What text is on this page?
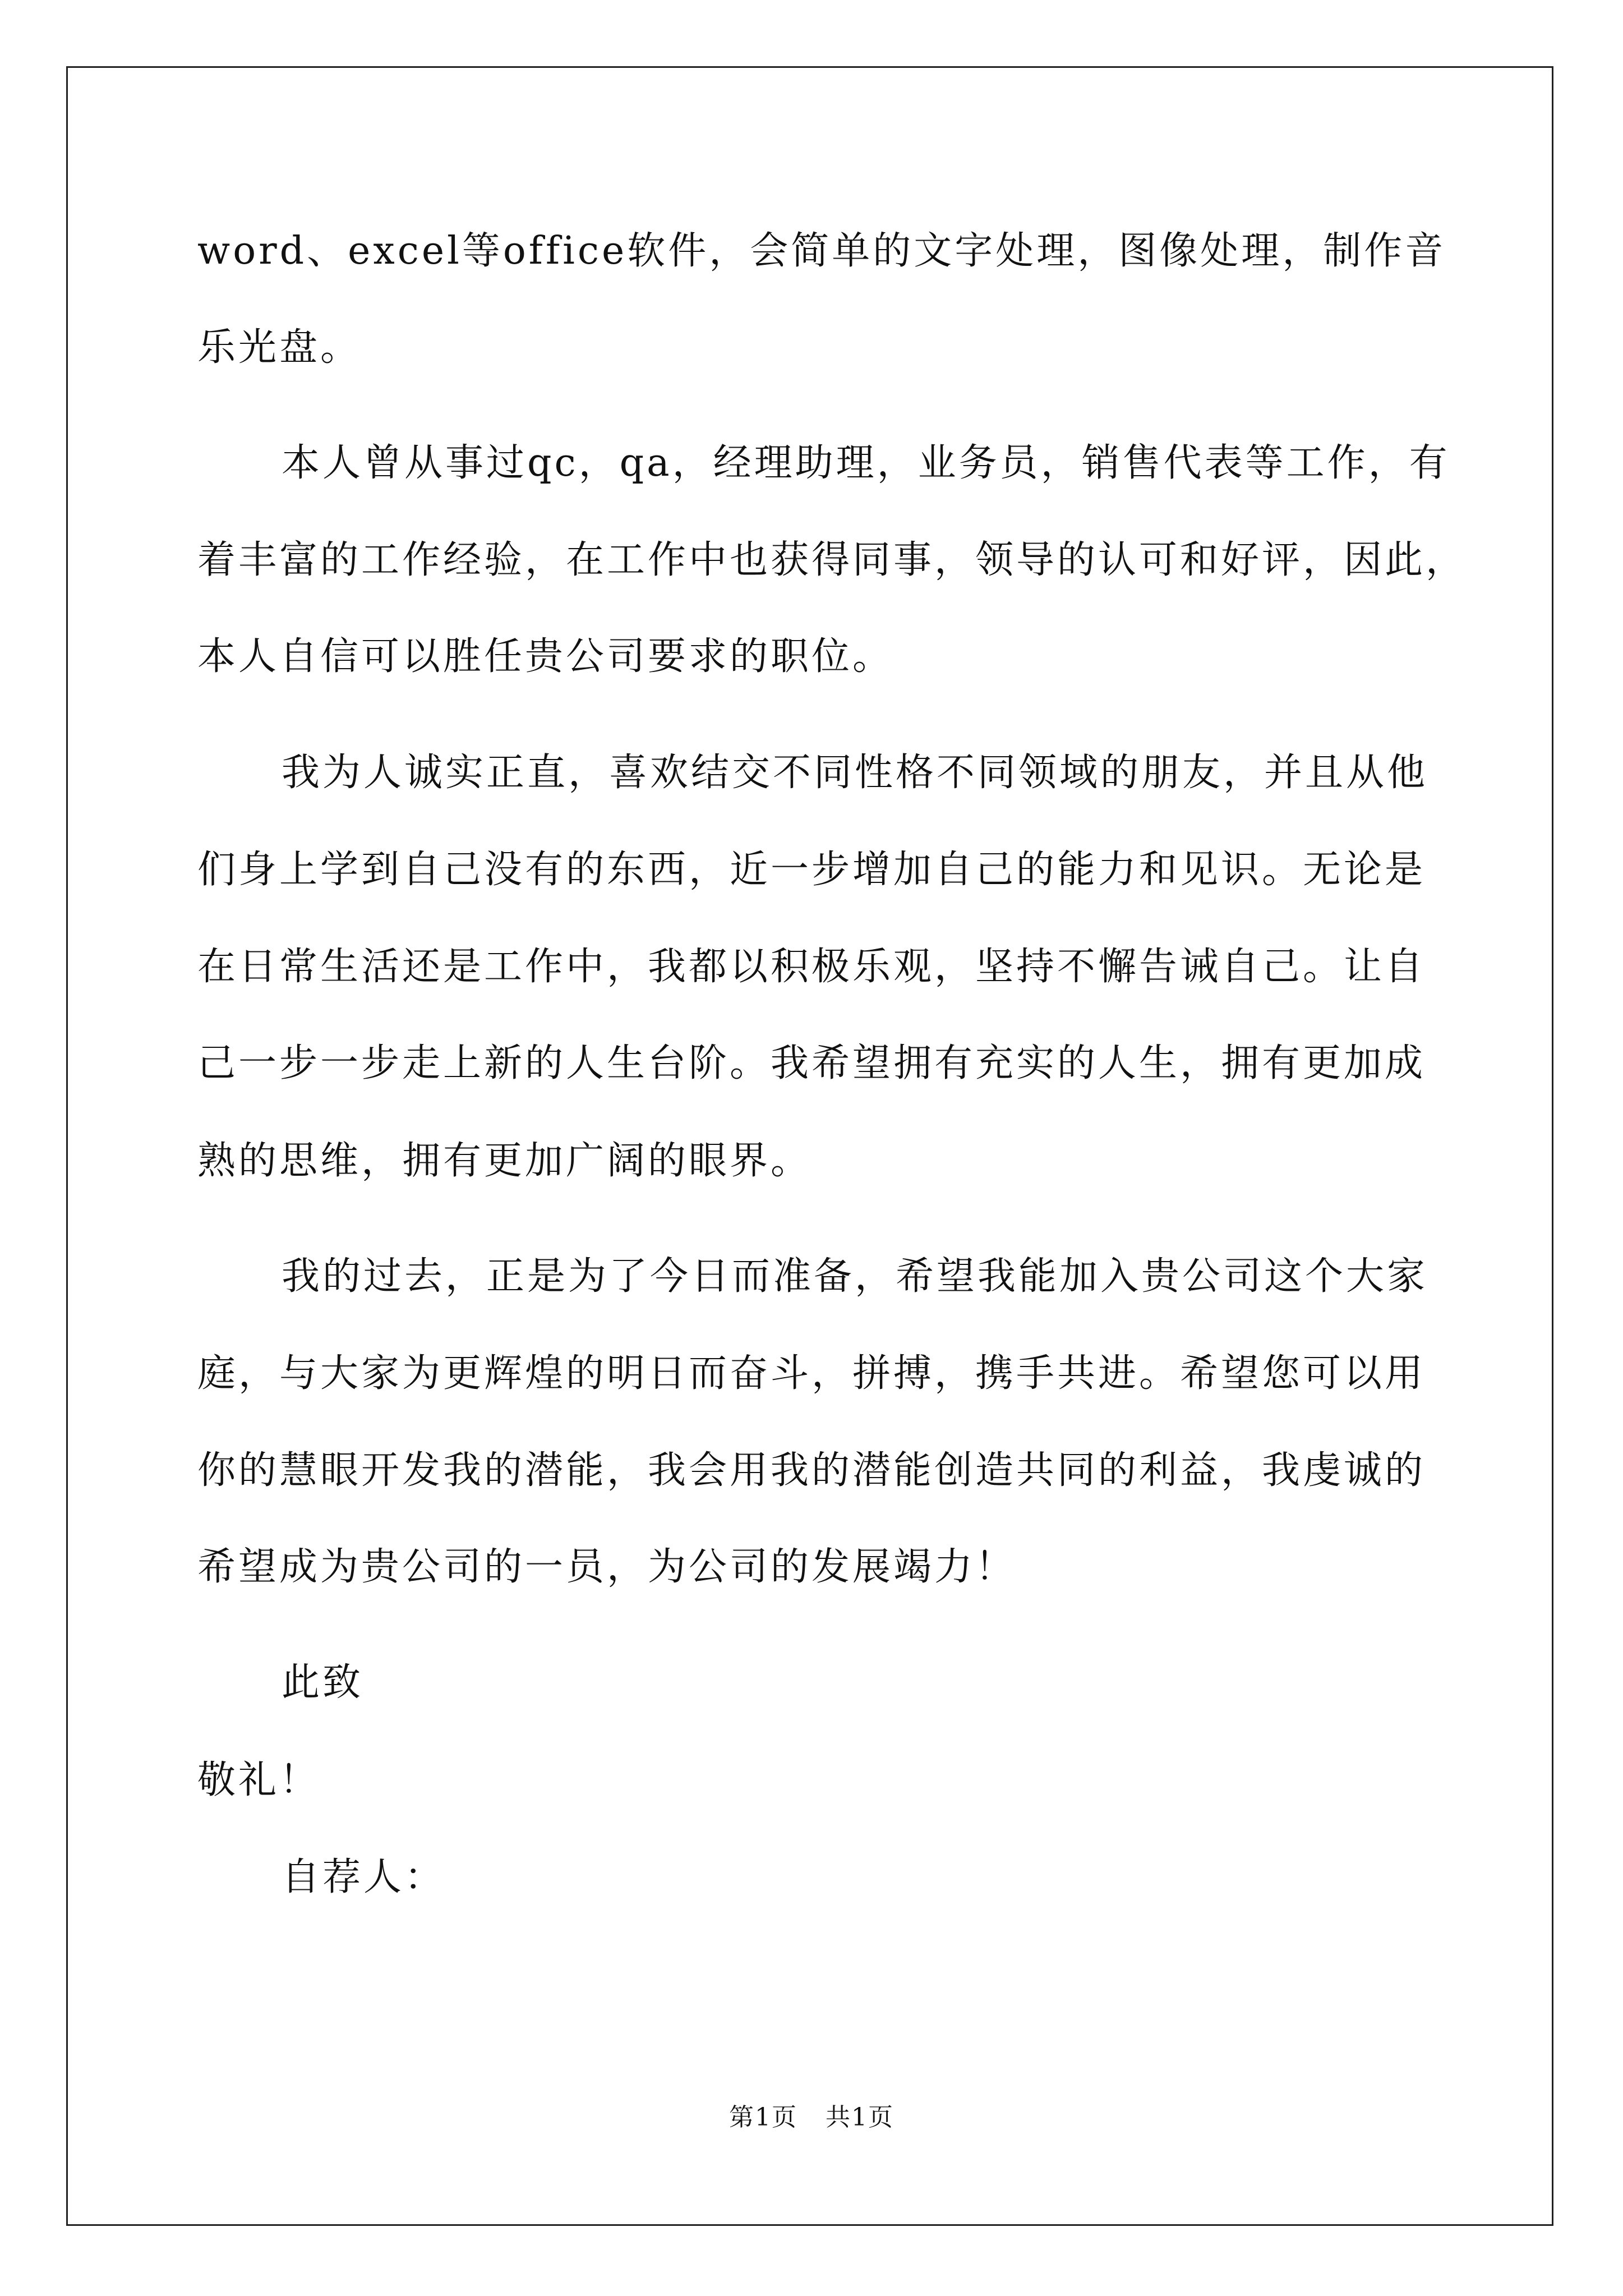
word、excel等office软件，会简单的文字处理，图像处理，制作音
乐光盘。
本人曾从事过qc，qa，经理助理，业务员，销售代表等工作，有
着丰富的工作经验，在工作中也获得同事，领导的认可和好评，因此，
本人自信可以胜任贵公司要求的职位。
我为人诚实正直，喜欢结交不同性格不同领域的朋友，并且从他
们身上学到自己没有的东西，近一步增加自己的能力和见识。无论是
在日常生活还是工作中，我都以积极乐观，坚持不懈告诫自己。让自
己一步一步走上新的人生台阶。我希望拥有充实的人生，拥有更加成
熟的思维，拥有更加广阔的眼界。
我的过去，正是为了今日而准备，希望我能加入贵公司这个大家
庭，与大家为更辉煌的明日而奋斗，拼搏，携手共进。希望您可以用
你的慧眼开发我的潜能，我会用我的潜能创造共同的利益，我虔诚的
希望成为贵公司的一员，为公司的发展竭力！
此致
敬礼！
自荐人：
第1页 共1页
